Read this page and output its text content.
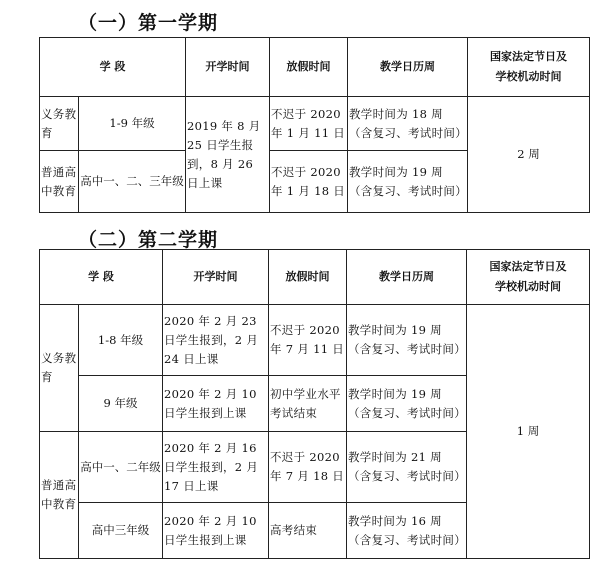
（一）第一学期
学 段		开学时间	放假时间	教学日历周	国家法定节日及
学校机动时间

义务教育	1-9 年级	2019 年 8 月 25 日学生报到，8 月 26 日上课	不迟于 2020 年 1 月 11 日	教学时间为 18 周（含复习、考试时间）	2 周
普通高中教育	高中一、二、三年级		不迟于 2020 年 1 月 18 日	教学时间为 19 周（含复习、考试时间）	
（二）第二学期
学 段		开学时间	放假时间	教学日历周	国家法定节日及
学校机动时间

义务教育	1-8 年级	2020 年 2 月 23 日学生报到，2 月 24 日上课	不迟于 2020 年 7 月 11 日	教学时间为 19 周（含复习、考试时间）	1 周
	9 年级	2020 年 2 月 10 日学生报到上课	初中学业水平考试结束	教学时间为 19 周（含复习、考试时间）	
普通高中教育	高中一、二年级	2020 年 2 月 16 日学生报到，2 月 17 日上课	不迟于 2020 年 7 月 18 日	教学时间为 21 周（含复习、考试时间）	
	高中三年级	2020 年 2 月 10 日学生报到上课	高考结束	教学时间为 16 周（含复习、考试时间）	
